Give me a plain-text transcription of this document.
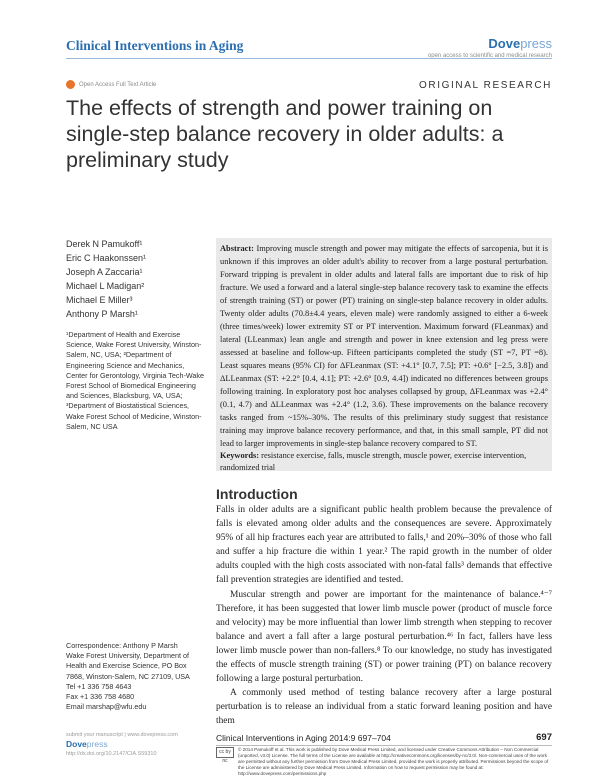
Clinical Interventions in Aging	Dovepress
open access to scientific and medical research
Open Access Full Text Article	ORIGINAL RESEARCH
The effects of strength and power training on single-step balance recovery in older adults: a preliminary study
Derek N Pamukoff¹
Eric C Haakonssen¹
Joseph A Zaccaria¹
Michael L Madigan²
Michael E Miller³
Anthony P Marsh¹
¹Department of Health and Exercise Science, Wake Forest University, Winston-Salem, NC, USA; ²Department of Engineering Science and Mechanics, Center for Gerontology, Virginia Tech-Wake Forest School of Biomedical Engineering and Sciences, Blacksburg, VA, USA; ³Department of Biostatistical Sciences, Wake Forest School of Medicine, Winston-Salem, NC USA
Correspondence: Anthony P Marsh
Wake Forest University, Department of Health and Exercise Science, PO Box 7868, Winston-Salem, NC 27109, USA
Tel +1 336 758 4643
Fax +1 336 758 4680
Email marshap@wfu.edu
Abstract: Improving muscle strength and power may mitigate the effects of sarcopenia, but it is unknown if this improves an older adult's ability to recover from a large postural perturbation. Forward tripping is prevalent in older adults and lateral falls are important due to risk of hip fracture. We used a forward and a lateral single-step balance recovery task to examine the effects of strength training (ST) or power (PT) training on single-step balance recovery in older adults. Twenty older adults (70.8±4.4 years, eleven male) were randomly assigned to either a 6-week (three times/week) lower extremity ST or PT intervention. Maximum forward (FLeanmax) and lateral (LLeanmax) lean angle and strength and power in knee extension and leg press were assessed at baseline and follow-up. Fifteen participants completed the study (ST =7, PT =8). Least squares means (95% CI) for ΔFLeanmax (ST: +4.1° [0.7, 7.5]; PT: +0.6° [−2.5, 3.8]) and ΔLLeanmax (ST: +2.2° [0.4, 4.1]; PT: +2.6° [0.9, 4.4]) indicated no differences between groups following training. In exploratory post hoc analyses collapsed by group, ΔFLeanmax was +2.4° (0.1, 4.7) and ΔLLeanmax was +2.4° (1.2, 3.6). These improvements on the balance recovery tasks ranged from ~15%–30%. The results of this preliminary study suggest that resistance training may improve balance recovery performance, and that, in this small sample, PT did not lead to larger improvements in single-step balance recovery compared to ST.
Keywords: resistance exercise, falls, muscle strength, muscle power, exercise intervention, randomized trial
Introduction

Falls in older adults are a significant public health problem because the prevalence of falls is elevated among older adults and the consequences are severe. Approximately 95% of all hip fractures each year are attributed to falls,¹ and 20%–30% of those who fall and suffer a hip fracture die within 1 year.² The rapid growth in the number of older adults coupled with the high costs associated with non-fatal falls³ demands that effective fall prevention strategies are identified and tested.

Muscular strength and power are important for the maintenance of balance.⁴⁻⁷ Therefore, it has been suggested that lower limb muscle power (product of muscle force and velocity) may be more influential than lower limb strength when stepping to recover balance and avert a fall after a large postural perturbation.⁴⁶ In fact, fallers have less lower limb muscle power than non-fallers.⁸ To our knowledge, no study has investigated the effects of muscle strength training (ST) or power training (PT) on balance recovery following a large postural perturbation.

A commonly used method of testing balance recovery after a large postural perturbation is to release an individual from a static forward leaning position and have them

submit your manuscript | www.dovepress.com
Dovepress
http://dx.doi.org/10.2147/CIA.S59310
Clinical Interventions in Aging 2014:9 697–704	697
cc by nc
© 2014 Pamukoff et al. This work is published by Dove Medical Press Limited, and licensed under Creative Commons Attribution – Non Commercial (unported, v3.0) License. The full terms of the License are available at http://creativecommons.org/licenses/by-nc/3.0/. Non-commercial uses of the work are permitted without any further permission from Dove Medical Press Limited, provided the work is properly attributed. Permissions beyond the scope of the License are administered by Dove Medical Press Limited. Information on how to request permission may be found at: http://www.dovepress.com/permissions.php
